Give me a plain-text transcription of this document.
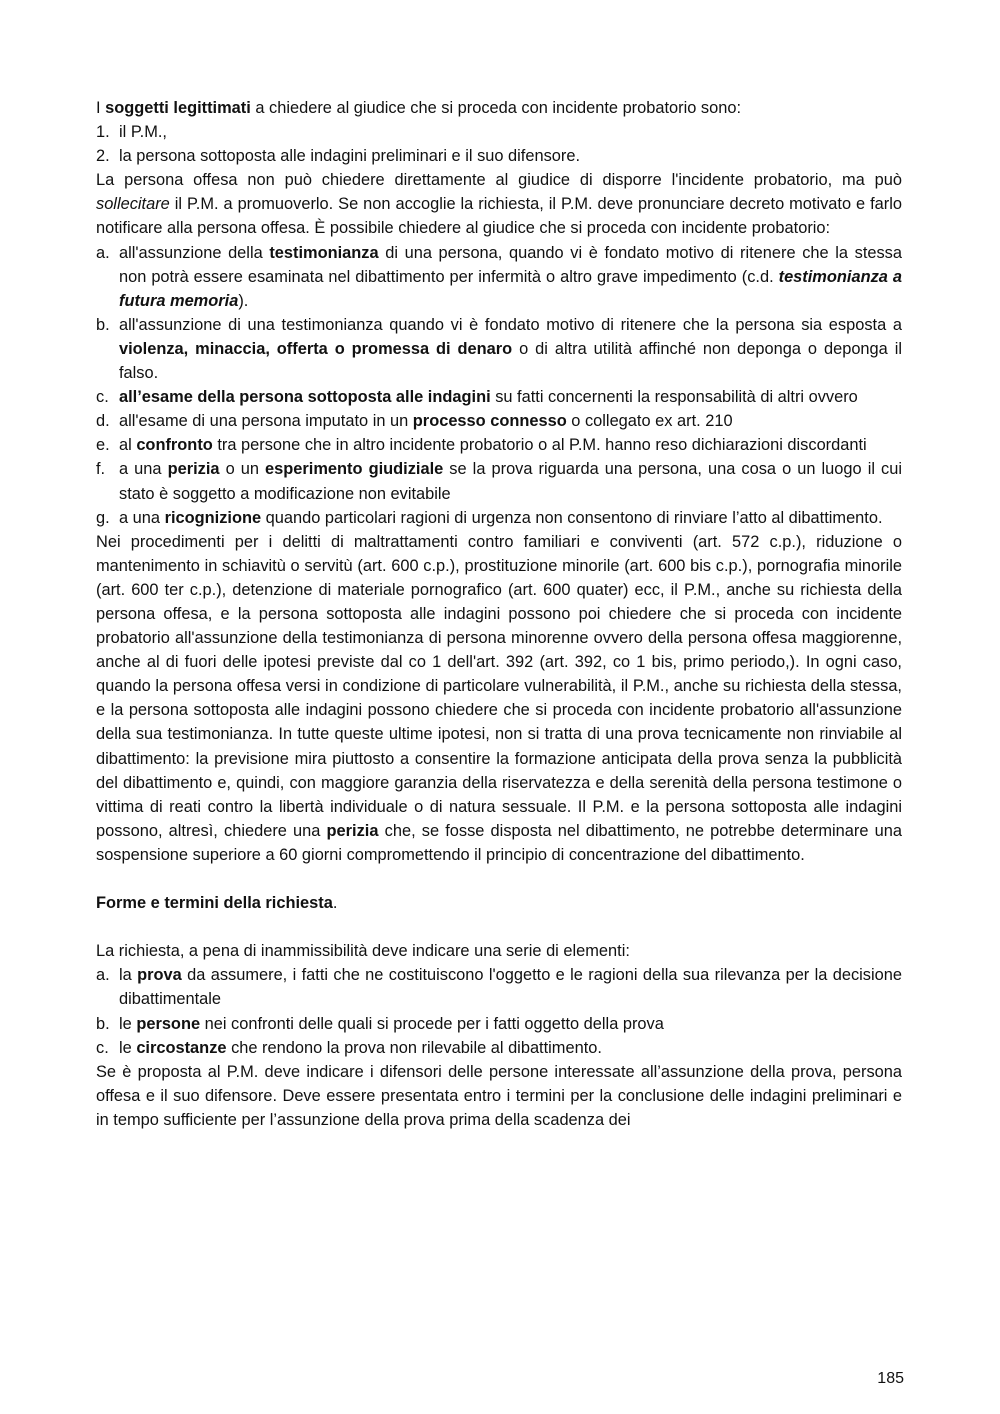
I soggetti legittimati a chiedere al giudice che si proceda con incidente probatorio sono:

1. il P.M.,

2. la persona sottoposta alle indagini preliminari e il suo difensore.

La persona offesa non può chiedere direttamente al giudice di disporre l'incidente probatorio, ma può sollecitare il P.M. a promuoverlo. Se non accoglie la richiesta, il P.M. deve pronunciare decreto motivato e farlo notificare alla persona offesa. È possibile chiedere al giudice che si proceda con incidente probatorio:

a. all'assunzione della testimonianza di una persona, quando vi è fondato motivo di ritenere che la stessa non potrà essere esaminata nel dibattimento per infermità o altro grave impedimento (c.d. testimonianza a futura memoria).

b. all'assunzione di una testimonianza quando vi è fondato motivo di ritenere che la persona sia esposta a violenza, minaccia, offerta o promessa di denaro o di altra utilità affinché non deponga o deponga il falso.

c. all’esame della persona sottoposta alle indagini su fatti concernenti la responsabilità di altri ovvero

d. all'esame di una persona imputato in un processo connesso o collegato ex art. 210

e. al confronto tra persone che in altro incidente probatorio o al P.M. hanno reso dichiarazioni discordanti

f. a una perizia o un esperimento giudiziale se la prova riguarda una persona, una cosa o un luogo il cui stato è soggetto a modificazione non evitabile

g. a una ricognizione quando particolari ragioni di urgenza non consentono di rinviare l’atto al dibattimento.

Nei procedimenti per i delitti di maltrattamenti contro familiari e conviventi (art. 572 c.p.), riduzione o mantenimento in schiavitù o servitù (art. 600 c.p.), prostituzione minorile (art. 600 bis c.p.), pornografia minorile (art. 600 ter c.p.), detenzione di materiale pornografico (art. 600 quater) ecc, il P.M., anche su richiesta della persona offesa, e la persona sottoposta alle indagini possono poi chiedere che si proceda con incidente probatorio all'assunzione della testimonianza di persona minorenne ovvero della persona offesa maggiorenne, anche al di fuori delle ipotesi previste dal co 1 dell'art. 392 (art. 392, co 1 bis, primo periodo,). In ogni caso, quando la persona offesa versi in condizione di particolare vulnerabilità, il P.M., anche su richiesta della stessa, e la persona sottoposta alle indagini possono chiedere che si proceda con incidente probatorio all'assunzione della sua testimonianza. In tutte queste ultime ipotesi, non si tratta di una prova tecnicamente non rinviabile al dibattimento: la previsione mira piuttosto a consentire la formazione anticipata della prova senza la pubblicità del dibattimento e, quindi, con maggiore garanzia della riservatezza e della serenità della persona testimone o vittima di reati contro la libertà individuale o di natura sessuale. Il P.M. e la persona sottoposta alle indagini possono, altresì, chiedere una perizia che, se fosse disposta nel dibattimento, ne potrebbe determinare una sospensione superiore a 60 giorni compromettendo il principio di concentrazione del dibattimento.

Forme e termini della richiesta.

La richiesta, a pena di inammissibilità deve indicare una serie di elementi:

a. la prova da assumere, i fatti che ne costituiscono l'oggetto e le ragioni della sua rilevanza per la decisione dibattimentale

b. le persone nei confronti delle quali si procede per i fatti oggetto della prova

c. le circostanze che rendono la prova non rilevabile al dibattimento.

Se è proposta al P.M. deve indicare i difensori delle persone interessate all’assunzione della prova, persona offesa e il suo difensore. Deve essere presentata entro i termini per la conclusione delle indagini preliminari e in tempo sufficiente per l’assunzione della prova prima della scadenza dei

185
